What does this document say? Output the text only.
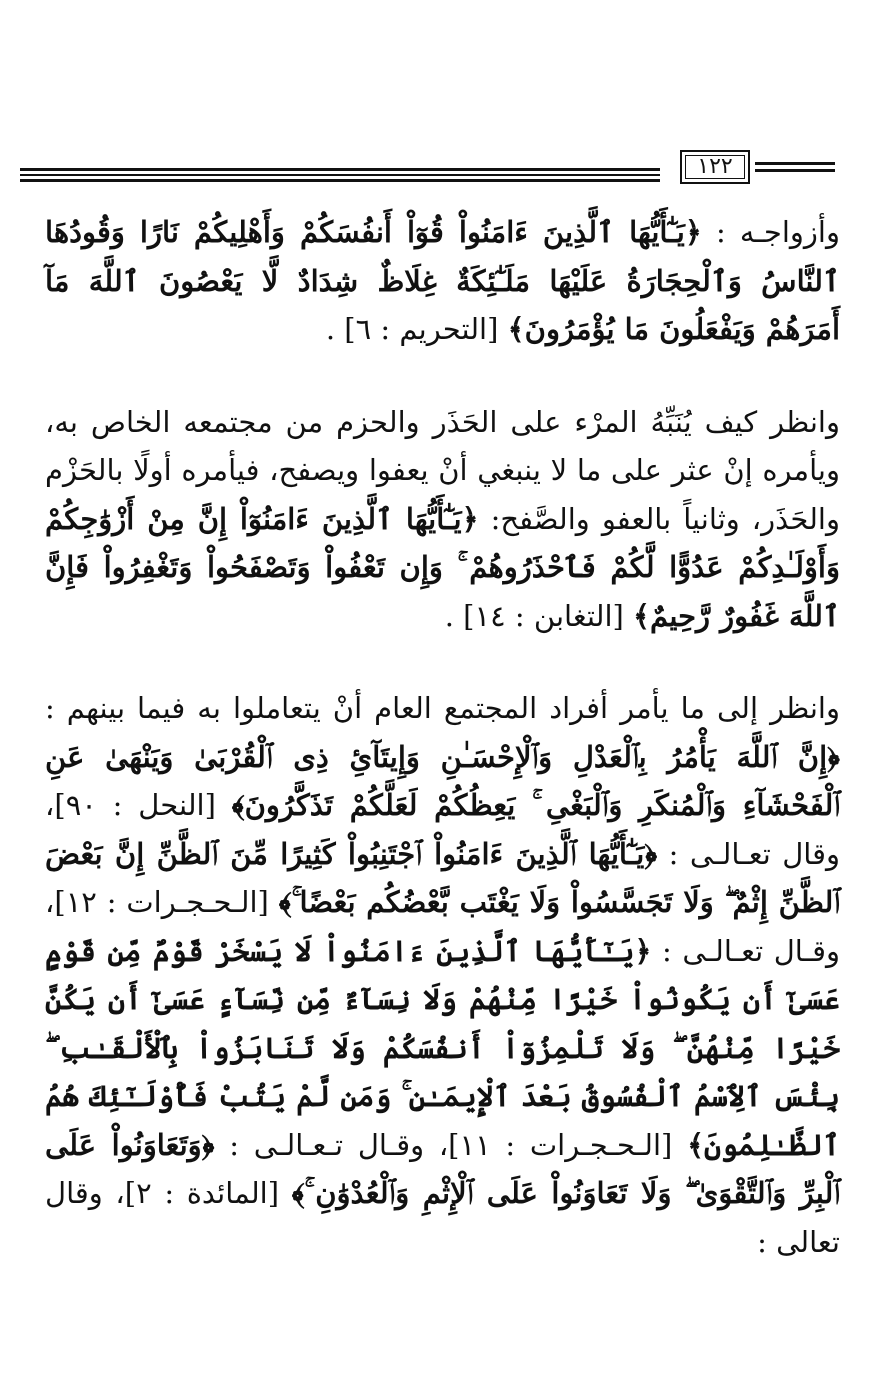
١٢٢

وأزواجـه : ﴿يَـٰٓأَيُّهَا ٱلَّذِينَ ءَامَنُواْ قُوٓاْ أَنفُسَكُمْ وَأَهْلِيكُمْ نَارًا وَقُودُهَا ٱلنَّاسُ وَٱلْحِجَارَةُ عَلَيْهَا مَلَـٰٓئِكَةٌ غِلَاظٌ شِدَادٌ لَّا يَعْصُونَ ٱللَّهَ مَآ أَمَرَهُمْ وَيَفْعَلُونَ مَا يُؤْمَرُونَ﴾ [التحريم : ٦] .

وانظر كيف يُنَبِّهُ المرْء على الحَذَر والحزم من مجتمعه الخاص به، ويأمره إنْ عثر على ما لا ينبغي أنْ يعفوا ويصفح، فيأمره أولًا بالحَزْم والحَذَر، وثانياً بالعفو والصَّفح: ﴿يَـٰٓأَيُّهَا ٱلَّذِينَ ءَامَنُوٓاْ إِنَّ مِنْ أَزْوَٰجِكُمْ وَأَوْلَـٰدِكُمْ عَدُوًّا لَّكُمْ فَٱحْذَرُوهُمْ ۚ وَإِن تَعْفُواْ وَتَصْفَحُواْ وَتَغْفِرُواْ فَإِنَّ ٱللَّهَ غَفُورٌ رَّحِيمٌ﴾ [التغابن : ١٤] .

وانظر إلى ما يأمر أفراد المجتمع العام أنْ يتعاملوا به فيما بينهم : ﴿إِنَّ ٱللَّهَ يَأْمُرُ بِٱلْعَدْلِ وَٱلْإِحْسَـٰنِ وَإِيتَآئِ ذِى ٱلْقُرْبَىٰ وَيَنْهَىٰ عَنِ ٱلْفَحْشَآءِ وَٱلْمُنكَرِ وَٱلْبَغْىِ ۚ يَعِظُكُمْ لَعَلَّكُمْ تَذَكَّرُونَ﴾ [النحل : ٩٠]، وقال تعـالـى : ﴿يَـٰٓأَيُّهَا ٱلَّذِينَ ءَامَنُواْ ٱجْتَنِبُواْ كَثِيرًا مِّنَ ٱلظَّنِّ إِنَّ بَعْضَ ٱلظَّنِّ إِثْمٌ ۖ وَلَا تَجَسَّسُواْ وَلَا يَغْتَب بَّعْضُكُم بَعْضًا ۚ﴾ [الـحـجـرات : ١٢]، وقـال تعـالـى : ﴿يَـٰٓأَيُّهَا ٱلَّذِينَ ءَامَنُواْ لَا يَسْخَرْ قَوْمٌ مِّن قَوْمٍ عَسَىٰٓ أَن يَكُونُواْ خَيْرًا مِّنْهُمْ وَلَا نِسَآءٌ مِّن نِّسَآءٍ عَسَىٰٓ أَن يَكُنَّ خَيْرًا مِّنْهُنَّ ۖ وَلَا تَلْمِزُوٓاْ أَنفُسَكُمْ وَلَا تَنَابَزُواْ بِٱلْأَلْقَـٰبِ ۖ بِئْسَ ٱلِٱسْمُ ٱلْفُسُوقُ بَعْدَ ٱلْإِيمَـٰنِ ۚ وَمَن لَّمْ يَتُبْ فَأُوْلَـٰٓئِكَ هُمُ ٱلظَّـٰلِمُونَ﴾ [الـحـجـرات : ١١]، وقـال تـعـالـى : ﴿وَتَعَاوَنُواْ عَلَى ٱلْبِرِّ وَٱلتَّقْوَىٰ ۖ وَلَا تَعَاوَنُواْ عَلَى ٱلْإِثْمِ وَٱلْعُدْوَٰنِ ۚ﴾ [المائدة : ٢]، وقال تعالى :
